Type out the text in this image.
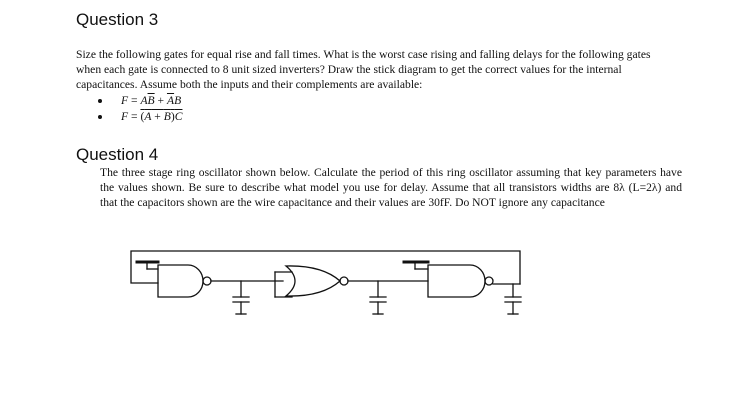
Question 3

Size the following gates for equal rise and fall times. What is the worst case rising and falling delays for the following gates when each gate is connected to 8 unit sized inverters? Draw the stick diagram to get the correct values for the internal capacitances. Assume both the inputs and their complements are available:

$F = A\overline{B} + \overline{A}B$
$F = (A + B)\overline{C}$
Question 4

The three stage ring oscillator shown below. Calculate the period of this ring oscillator assuming that key parameters have the values shown. Be sure to describe what model you use for delay. Assume that all transistors widths are 8λ (L=2λ) and that the capacitors shown are the wire capacitance and their values are 30fF. Do NOT ignore any capacitance
